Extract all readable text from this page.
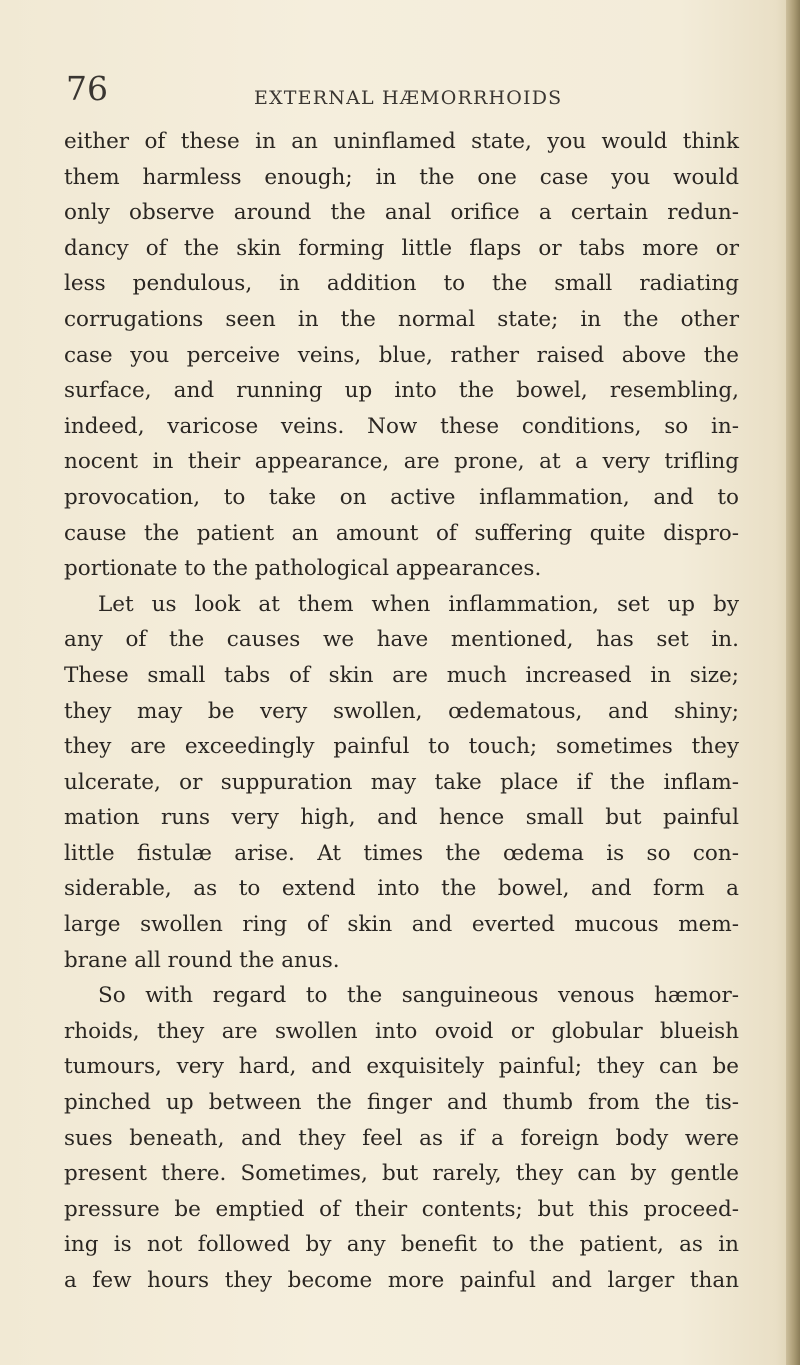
76	EXTERNAL HÆMORRHOIDS
either of these in an uninflamed state, you would think
them harmless enough; in the one case you would
only observe around the anal orifice a certain redun-
dancy of the skin forming little flaps or tabs more or
less pendulous, in addition to the small radiating
corrugations seen in the normal state; in the other
case you perceive veins, blue, rather raised above the
surface, and running up into the bowel, resembling,
indeed, varicose veins. Now these conditions, so in-
nocent in their appearance, are prone, at a very trifling
provocation, to take on active inflammation, and to
cause the patient an amount of suffering quite dispro-
portionate to the pathological appearances.
Let us look at them when inflammation, set up by
any of the causes we have mentioned, has set in.
These small tabs of skin are much increased in size;
they may be very swollen, œdematous, and shiny;
they are exceedingly painful to touch; sometimes they
ulcerate, or suppuration may take place if the inflam-
mation runs very high, and hence small but painful
little fistulæ arise. At times the œdema is so con-
siderable, as to extend into the bowel, and form a
large swollen ring of skin and everted mucous mem-
brane all round the anus.
So with regard to the sanguineous venous hæmor-
rhoids, they are swollen into ovoid or globular blueish
tumours, very hard, and exquisitely painful; they can be
pinched up between the finger and thumb from the tis-
sues beneath, and they feel as if a foreign body were
present there. Sometimes, but rarely, they can by gentle
pressure be emptied of their contents; but this proceed-
ing is not followed by any benefit to the patient, as in
a few hours they become more painful and larger than
